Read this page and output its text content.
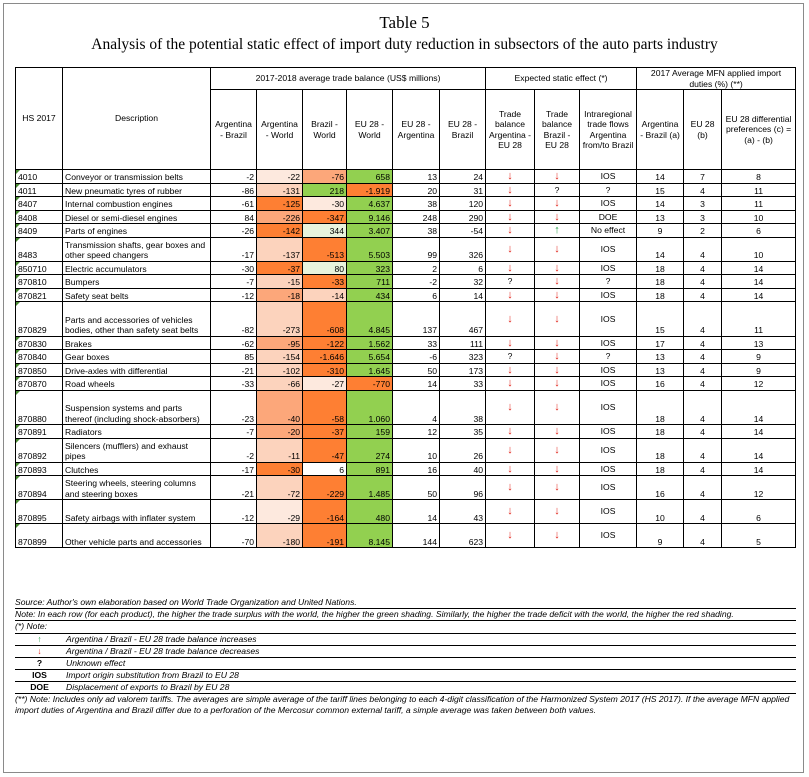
Table 5
Analysis of the potential static effect of import duty reduction in subsectors of the auto parts industry
HS 2017	Description	2017-2018 average trade balance (US$ millions)						Expected static effect (*)			2017 Average MFN applied import duties (%) (**)		
		Argentina - Brazil	Argentina - World	Brazil - World	EU 28 - World	EU 28 - Argentina	EU 28 - Brazil	Trade balance Argentina - EU 28	Trade balance Brazil - EU 28	Intraregional trade flows Argentina from/to Brazil	Argentina - Brazil (a)	EU 28 (b)	EU 28 differential preferences (c) = (a) - (b)
4010	Conveyor or transmission belts	-2	-22	-76	658	13	24	↓	↓	IOS	14	7	8
4011	New pneumatic tyres of rubber	-86	-131	218	-1.919	20	31	↓	?	?	15	4	11
8407	Internal combustion engines	-61	-125	-30	4.637	38	120	↓	↓	IOS	14	3	11
8408	Diesel or semi-diesel engines	84	-226	-347	9.146	248	290	↓	↓	DOE	13	3	10
8409	Parts of engines	-26	-142	344	3.407	38	-54	↓	↑	No effect	9	2	6
8483	Transmission shafts, gear boxes and other speed changers	-17	-137	-513	5.503	99	326	↓	↓	IOS	14	4	10
850710	Electric accumulators	-30	-37	80	323	2	6	↓	↓	IOS	18	4	14
870810	Bumpers	-7	-15	-33	711	-2	32	?	↓	?	18	4	14
870821	Safety seat belts	-12	-18	-14	434	6	14	↓	↓	IOS	18	4	14
870829	Parts and accessories of vehicles bodies, other than safety seat belts	-82	-273	-608	4.845	137	467	↓	↓	IOS	15	4	11
870830	Brakes	-62	-95	-122	1.562	33	111	↓	↓	IOS	17	4	13
870840	Gear boxes	85	-154	-1.646	5.654	-6	323	?	↓	?	13	4	9
870850	Drive-axles with differential	-21	-102	-310	1.645	50	173	↓	↓	IOS	13	4	9
870870	Road wheels	-33	-66	-27	-770	14	33	↓	↓	IOS	16	4	12
870880	Suspension systems and parts thereof (including shock-absorbers)	-23	-40	-58	1.060	4	38	↓	↓	IOS	18	4	14
870891	Radiators	-7	-20	-37	159	12	35	↓	↓	IOS	18	4	14
870892	Silencers (mufflers) and exhaust pipes	-2	-11	-47	274	10	26	↓	↓	IOS	18	4	14
870893	Clutches	-17	-30	6	891	16	40	↓	↓	IOS	18	4	14
870894	Steering wheels, steering columns and steering boxes	-21	-72	-229	1.485	50	96	↓	↓	IOS	16	4	12
870895	Safety airbags with inflater system	-12	-29	-164	480	14	43	↓	↓	IOS	10	4	6
870899	Other vehicle parts and accessories	-70	-180	-191	8.145	144	623	↓	↓	IOS	9	4	5

Source: Author's own elaboration based on World Trade Organization and United Nations.

Note: In each row (for each product), the higher the trade surplus with the world, the higher the green shading. Similarly, the higher the trade deficit with the world, the higher the red shading.

(*) Note:

↑	Argentina / Brazil - EU 28 trade balance increases
↓	Argentina / Brazil - EU 28 trade balance decreases
?	Unknown effect
IOS	Import origin substitution from Brazil to EU 28
DOE	Displacement of exports to Brazil by EU 28

(**) Note: Includes only ad valorem tariffs. The averages are simple average of the tariff lines belonging to each 4-digit classification of the Harmonized System 2017 (HS 2017). If the average MFN applied import duties of Argentina and Brazil differ due to a perforation of the Mercosur common external tariff, a simple average was taken between both values.
